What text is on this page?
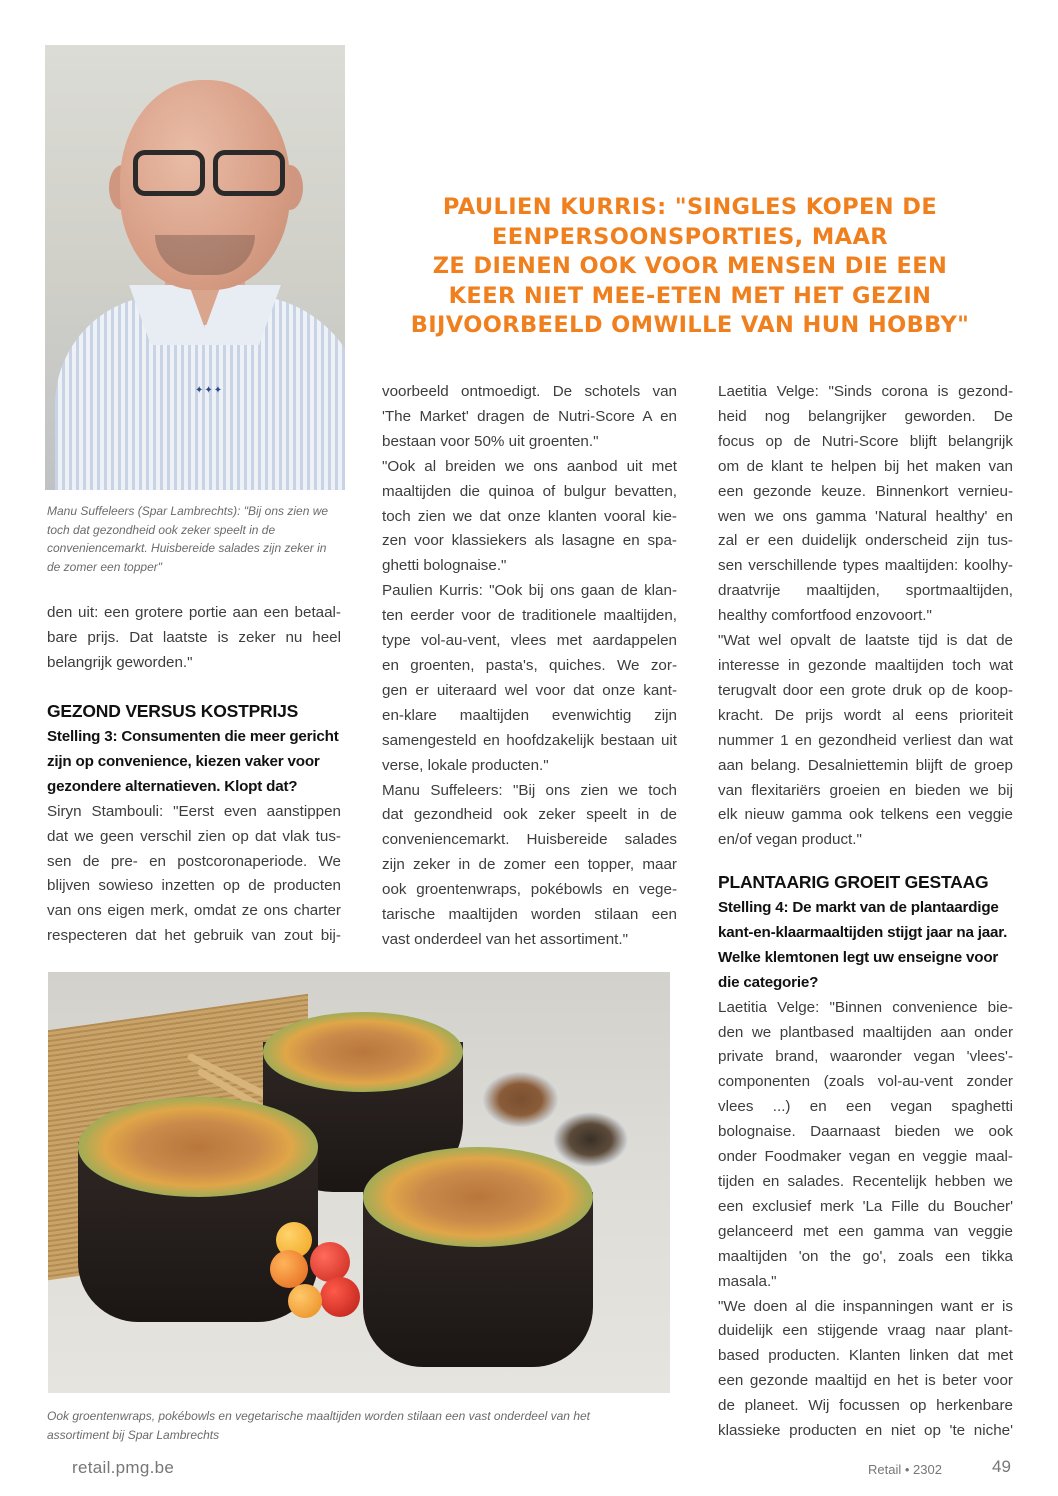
✦✦✦
Manu Suffeleers (Spar Lambrechts): "Bij ons zien we
toch dat gezondheid ook zeker speelt in de
conveniencemarkt. Huisbereide salades zijn zeker in
de zomer een topper"
PAULIEN KURRIS: "SINGLES KOPEN DE
EENPERSOONSPORTIES, MAAR
ZE DIENEN OOK VOOR MENSEN DIE EEN
KEER NIET MEE-ETEN MET HET GEZIN
BIJVOORBEELD OMWILLE VAN HUN HOBBY"

den uit: een grotere portie aan een betaal-

bare prijs. Dat laatste is zeker nu heel

belangrijk geworden."

GEZOND VERSUS KOSTPRIJS

Stelling 3: Consumenten die meer gericht

zijn op convenience, kiezen vaker voor

gezondere alternatieven. Klopt dat?

Siryn Stambouli: "Eerst even aanstippen

dat we geen verschil zien op dat vlak tus-

sen de pre- en postcoronaperiode. We

blijven sowieso inzetten op de producten

van ons eigen merk, omdat ze ons charter

respecteren dat het gebruik van zout bij-

voorbeeld ontmoedigt. De schotels van

'The Market' dragen de Nutri-Score A en

bestaan voor 50% uit groenten."

"Ook al breiden we ons aanbod uit met

maaltijden die quinoa of bulgur bevatten,

toch zien we dat onze klanten vooral kie-

zen voor klassiekers als lasagne en spa-

ghetti bolognaise."

Paulien Kurris: "Ook bij ons gaan de klan-

ten eerder voor de traditionele maaltijden,

type vol-au-vent, vlees met aardappelen

en groenten, pasta's, quiches. We zor-

gen er uiteraard wel voor dat onze kant-

en-klare maaltijden evenwichtig zijn

samengesteld en hoofdzakelijk bestaan uit

verse, lokale producten."

Manu Suffeleers: "Bij ons zien we toch

dat gezondheid ook zeker speelt in de

conveniencemarkt. Huisbereide salades

zijn zeker in de zomer een topper, maar

ook groentenwraps, pokébowls en vege-

tarische maaltijden worden stilaan een

vast onderdeel van het assortiment."

Laetitia Velge: "Sinds corona is gezond-

heid nog belangrijker geworden. De

focus op de Nutri-Score blijft belangrijk

om de klant te helpen bij het maken van

een gezonde keuze. Binnenkort vernieu-

wen we ons gamma 'Natural healthy' en

zal er een duidelijk onderscheid zijn tus-

sen verschillende types maaltijden: koolhy-

draatvrije maaltijden, sportmaaltijden,

healthy comfortfood enzovoort."

"Wat wel opvalt de laatste tijd is dat de

interesse in gezonde maaltijden toch wat

terugvalt door een grote druk op de koop-

kracht. De prijs wordt al eens prioriteit

nummer 1 en gezondheid verliest dan wat

aan belang. Desalniettemin blijft de groep

van flexitariërs groeien en bieden we bij

elk nieuw gamma ook telkens een veggie

en/of vegan product."

PLANTAARIG GROEIT GESTAAG

Stelling 4: De markt van de plantaardige

kant-en-klaarmaaltijden stijgt jaar na jaar.

Welke klemtonen legt uw enseigne voor

die categorie?

Laetitia Velge: "Binnen convenience bie-

den we plantbased maaltijden aan onder

private brand, waaronder vegan 'vlees'-

componenten (zoals vol-au-vent zonder

vlees ...) en een vegan spaghetti

bolognaise. Daarnaast bieden we ook

onder Foodmaker vegan en veggie maal-

tijden en salades. Recentelijk hebben we

een exclusief merk 'La Fille du Boucher'

gelanceerd met een gamma van veggie

maaltijden 'on the go', zoals een tikka

masala."

"We doen al die inspanningen want er is

duidelijk een stijgende vraag naar plant-

based producten. Klanten linken dat met

een gezonde maaltijd en het is beter voor

de planeet. Wij focussen op herkenbare

klassieke producten en niet op 'te niche'

Ook groentenwraps, pokébowls en vegetarische maaltijden worden stilaan een vast onderdeel van het
assortiment bij Spar Lambrechts
retail.pmg.be	Retail • 2302	49
